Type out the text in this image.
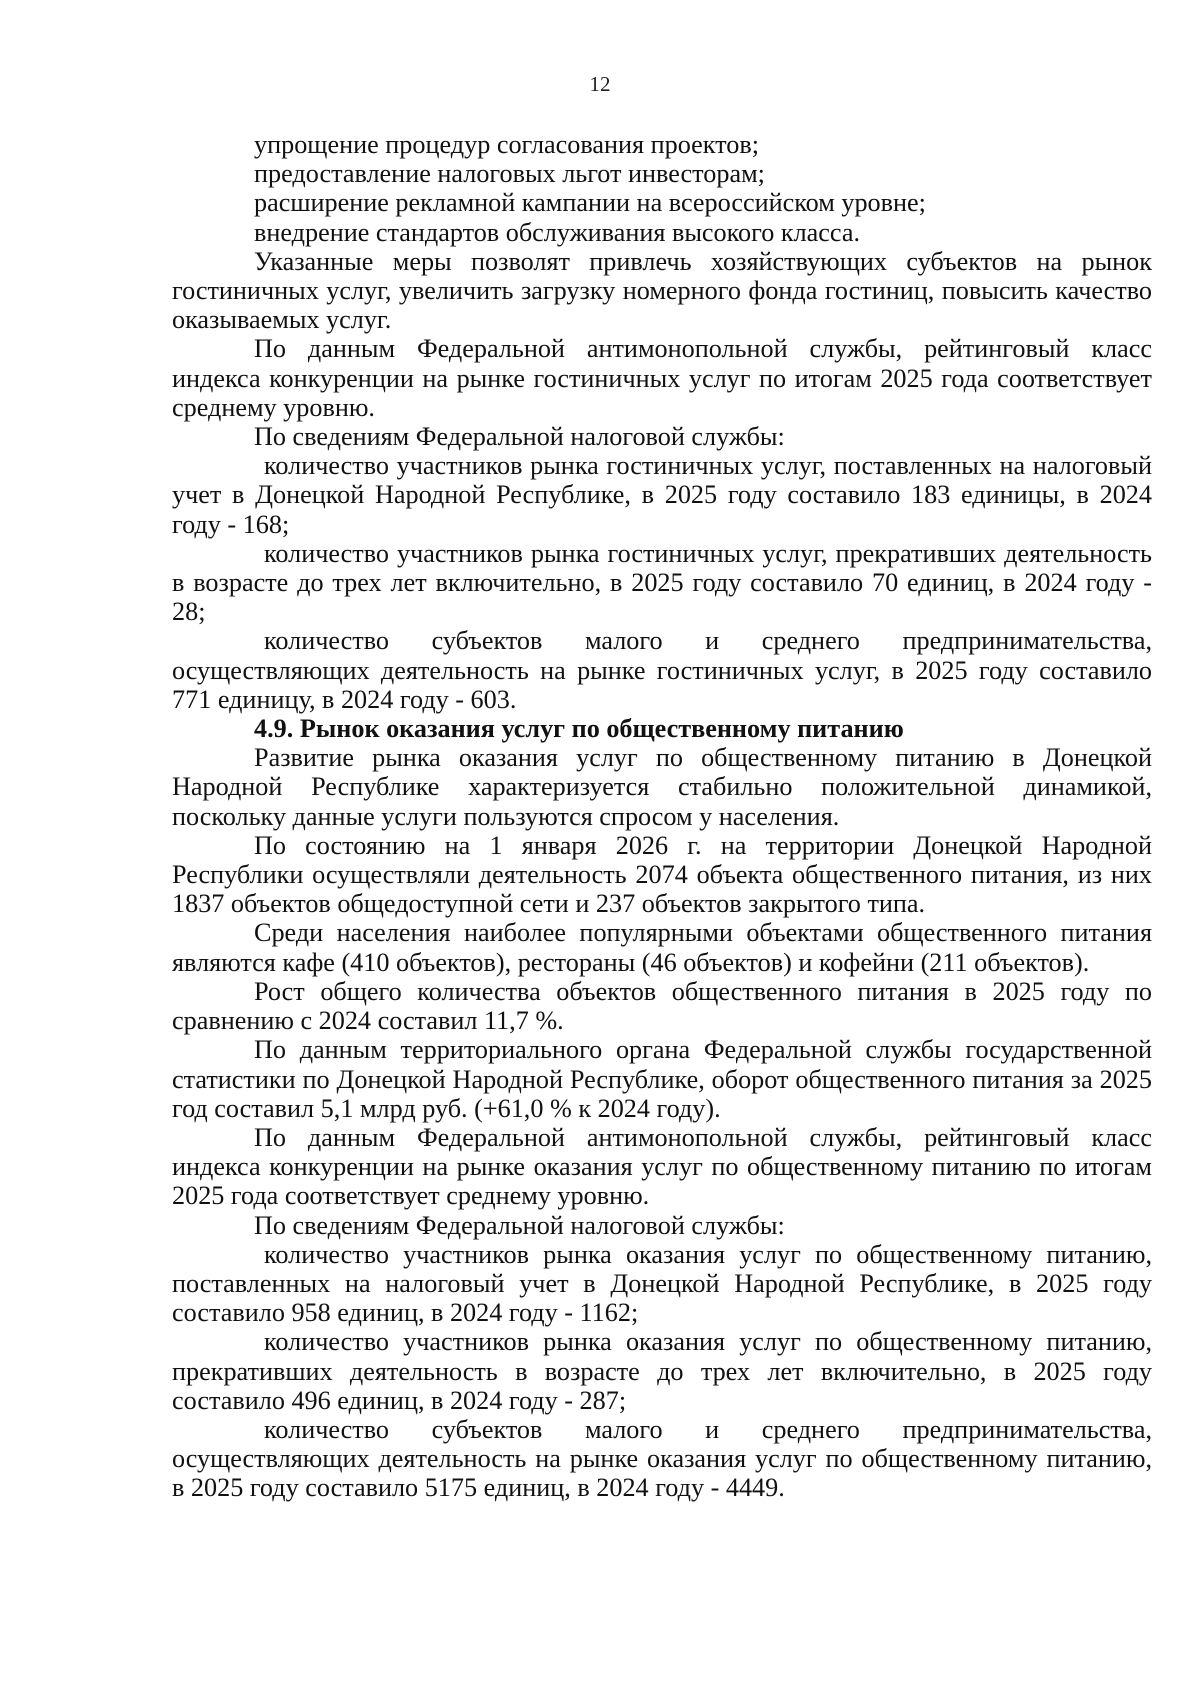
12

упрощение процедур согласования проектов;

предоставление налоговых льгот инвесторам;

расширение рекламной кампании на всероссийском уровне;

внедрение стандартов обслуживания высокого класса.

Указанные меры позволят привлечь хозяйствующих субъектов на рынок гостиничных услуг, увеличить загрузку номерного фонда гостиниц, повысить качество оказываемых услуг.

По данным Федеральной антимонопольной службы, рейтинговый класс индекса конкуренции на рынке гостиничных услуг по итогам 2025 года соответствует среднему уровню.

По сведениям Федеральной налоговой службы:

количество участников рынка гостиничных услуг, поставленных на налоговый учет в Донецкой Народной Республике, в 2025 году составило 183 единицы, в 2024 году - 168;

количество участников рынка гостиничных услуг, прекративших деятельность в возрасте до трех лет включительно, в 2025 году составило 70 единиц, в 2024 году - 28;

количество субъектов малого и среднего предпринимательства, осуществляющих деятельность на рынке гостиничных услуг, в 2025 году составило 771 единицу, в 2024 году - 603.

4.9. Рынок оказания услуг по общественному питанию

Развитие рынка оказания услуг по общественному питанию в Донецкой Народной Республике характеризуется стабильно положительной динамикой, поскольку данные услуги пользуются спросом у населения.

По состоянию на 1 января 2026 г. на территории Донецкой Народной Республики осуществляли деятельность 2074 объекта общественного питания, из них 1837 объектов общедоступной сети и 237 объектов закрытого типа.

Среди населения наиболее популярными объектами общественного питания являются кафе (410 объектов), рестораны (46 объектов) и кофейни (211 объектов).

Рост общего количества объектов общественного питания в 2025 году по сравнению с 2024 составил 11,7 %.

По данным территориального органа Федеральной службы государственной статистики по Донецкой Народной Республике, оборот общественного питания за 2025 год составил 5,1 млрд руб. (+61,0 % к 2024 году).

По данным Федеральной антимонопольной службы, рейтинговый класс индекса конкуренции на рынке оказания услуг по общественному питанию по итогам 2025 года соответствует среднему уровню.

По сведениям Федеральной налоговой службы:

количество участников рынка оказания услуг по общественному питанию, поставленных на налоговый учет в Донецкой Народной Республике, в 2025 году составило 958 единиц, в 2024 году - 1162;

количество участников рынка оказания услуг по общественному питанию, прекративших деятельность в возрасте до трех лет включительно, в 2025 году составило 496 единиц, в 2024 году - 287;

количество субъектов малого и среднего предпринимательства, осуществляющих деятельность на рынке оказания услуг по общественному питанию, в 2025 году составило 5175 единиц, в 2024 году - 4449.
